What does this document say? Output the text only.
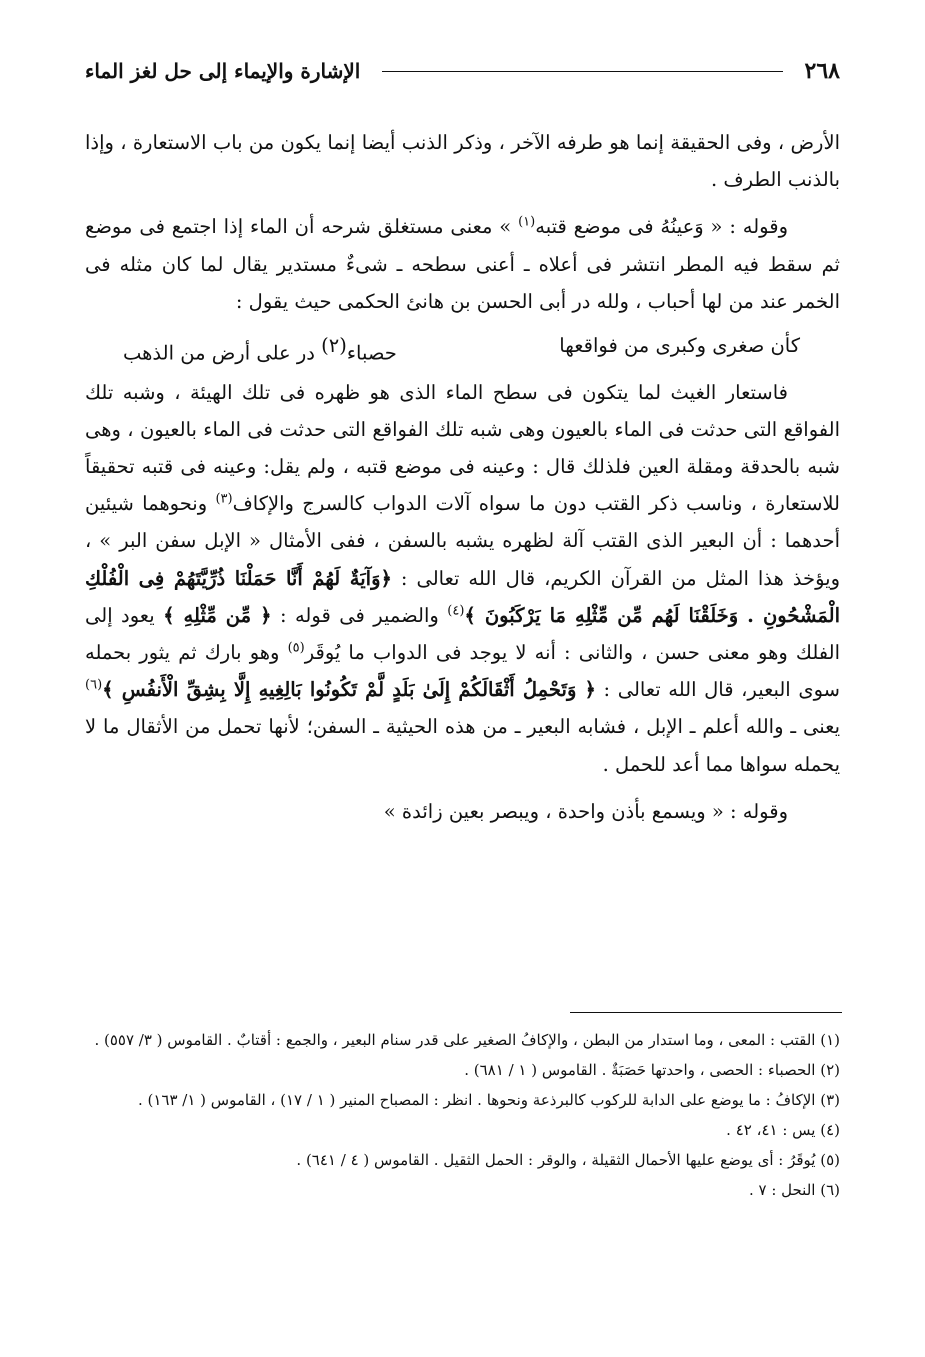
٢٦٨
الإشارة والإيماء إلى حل لغز الماء

الأرض ، وفى الحقيقة إنما هو طرفه الآخر ، وذكر الذنب أيضا إنما يكون من باب الاستعارة ، وإذا بالذنب الطرف .

وقوله : « وَعينُهُ فى موضع قتبه$^{(١)}$ » معنى مستغلق شرحه أن الماء إذا اجتمع فى موضع ثم سقط فيه المطر انتشر فى أعلاه ـ أعنى سطحه ـ شىءٌ مستدير يقال لما كان مثله فى الخمر عند من لها أحباب ، ولله در أبى الحسن بن هانئ الحكمى حيث يقول :

كأن صغرى وكبرى من فواقعها
حصباء(٢) در على أرض من الذهب

فاستعار الغيث لما يتكون فى سطح الماء الذى هو ظهره فى تلك الهيئة ، وشبه تلك الفواقع التى حدثت فى الماء بالعيون وهى شبه تلك الفواقع التى حدثت فى الماء بالعيون ، وهى شبه بالحدقة ومقلة العين فلذلك قال : وعينه فى موضع قتبه ، ولم يقل: وعينه فى قتبه تحقيقاً للاستعارة ، وناسب ذكر القتب دون ما سواه آلات الدواب كالسرج والإكاف$^{(٣)}$ ونحوهما شيئين أحدهما : أن البعير الذى القتب آلة لظهره يشبه بالسفن ، ففى الأمثال « الإبل سفن البر » ، ويؤخذ هذا المثل من القرآن الكريم، قال الله تعالى : ﴿وَآيَةٌ لَهُمْ أَنَّا حَمَلْنَا ذُرِّيَّتَهُمْ فِى الْفُلْكِ الْمَشْحُونِ . وَخَلَقْنَا لَهُم مِّن مِّثْلِهِ مَا يَرْكَبُونَ ﴾$^{(٤)}$ والضمير فى قوله : ﴿ مِّن مِّثْلِهِ ﴾ يعود إلى الفلك وهو معنى حسن ، والثانى : أنه لا يوجد فى الدواب ما يُوقَر$^{(٥)}$ وهو بارك ثم يثور بحمله سوى البعير، قال الله تعالى : ﴿ وَتَحْمِلُ أَثْقَالَكُمْ إِلَىٰ بَلَدٍ لَّمْ تَكُونُوا بَالِغِيهِ إِلَّا بِشِقِّ الْأَنفُسِ ﴾$^{(٦)}$ يعنى ـ والله أعلم ـ الإبل ، فشابه البعير ـ من هذه الحيثية ـ السفن؛ لأنها تحمل من الأثقال ما لا يحمله سواها مما أعد للحمل .

وقوله : « ويسمع بأذن واحدة ، ويبصر بعين زائدة »

(١) القتب : المعى ، وما استدار من البطن ، والإكافُ الصغير على قدر سنام البعير ، والجمع : أقتابٌ . القاموس ( ٣/ ٥٥٧) .

(٢) الحصباء : الحصى ، واحدتها حَصَبَةٌ . القاموس ( ١ / ٦٨١) .

(٣) الإكافُ : ما يوضع على الدابة للركوب كالبرذعة ونحوها . انظر : المصباح المنير ( ١ / ١٧) ، القاموس ( ١/ ١٦٣) .

(٤) يس : ٤١، ٤٢ .

(٥) يُوقَرُ : أى يوضع عليها الأحمال الثقيلة ، والوقر : الحمل الثقيل . القاموس ( ٤ / ٦٤١) .

(٦) النحل : ٧ .
